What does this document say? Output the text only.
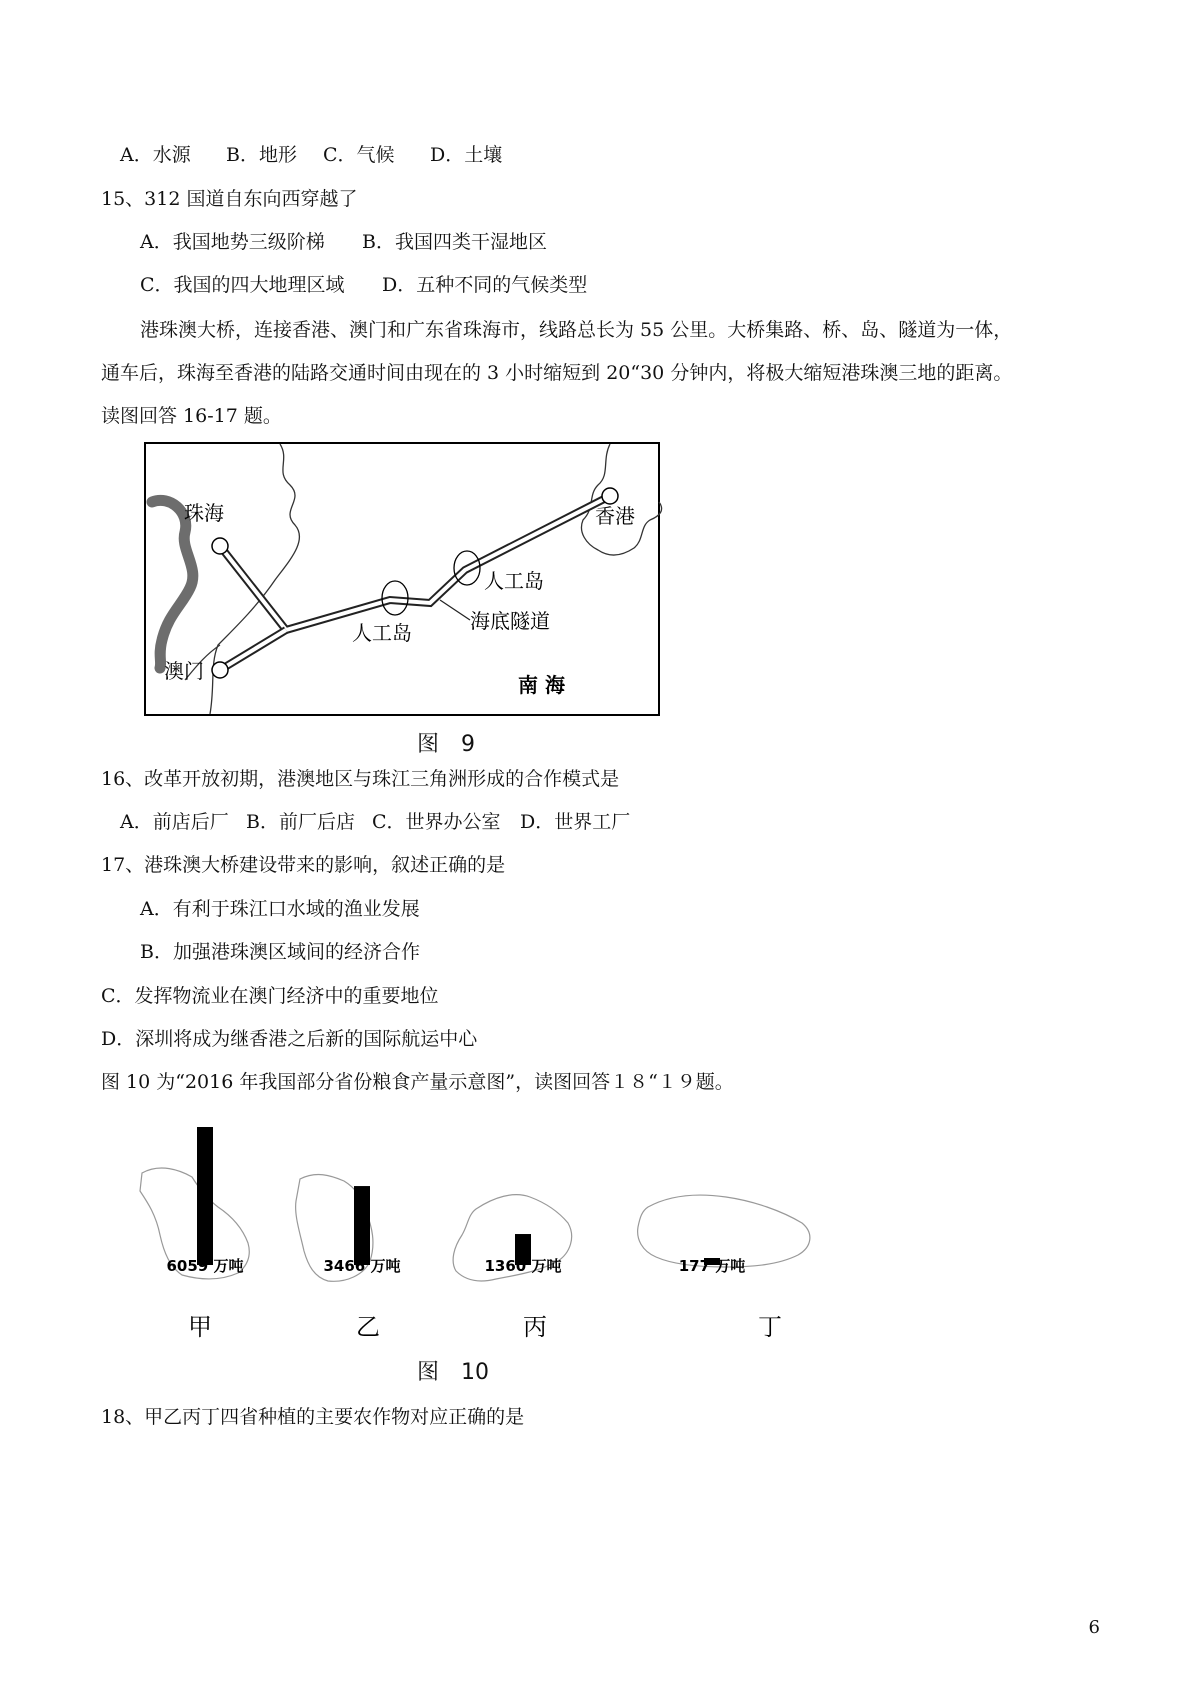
A．水源 B．地形 C．气候 D．土壤
15、312 国道自东向西穿越了
A．我国地势三级阶梯 B．我国四类干湿地区
C．我国的四大地理区域 D．五种不同的气候类型
港珠澳大桥，连接香港、澳门和广东省珠海市，线路总长为 55 公里。大桥集路、桥、岛、隧道为一体，
通车后，珠海至香港的陆路交通时间由现在的 3 小时缩短到 20“30 分钟内，将极大缩短港珠澳三地的距离。
读图回答 16-17 题。
珠海	香港
澳门
人工岛
人工岛
海底隧道
南 海
图　9
16、改革开放初期，港澳地区与珠江三角洲形成的合作模式是
A．前店后厂 B．前厂后店 C．世界办公室 D．世界工厂
17、港珠澳大桥建设带来的影响，叙述正确的是
A．有利于珠江口水域的渔业发展
B．加强港珠澳区域间的经济合作
C．发挥物流业在澳门经济中的重要地位
D．深圳将成为继香港之后新的国际航运中心
图 10 为“2016 年我国部分省份粮食产量示意图”，读图回答１８“１９题。
6059 万吨	3466 万吨	1360 万吨	177 万吨
甲	乙	丙	丁
图　10
18、甲乙丙丁四省种植的主要农作物对应正确的是
6
